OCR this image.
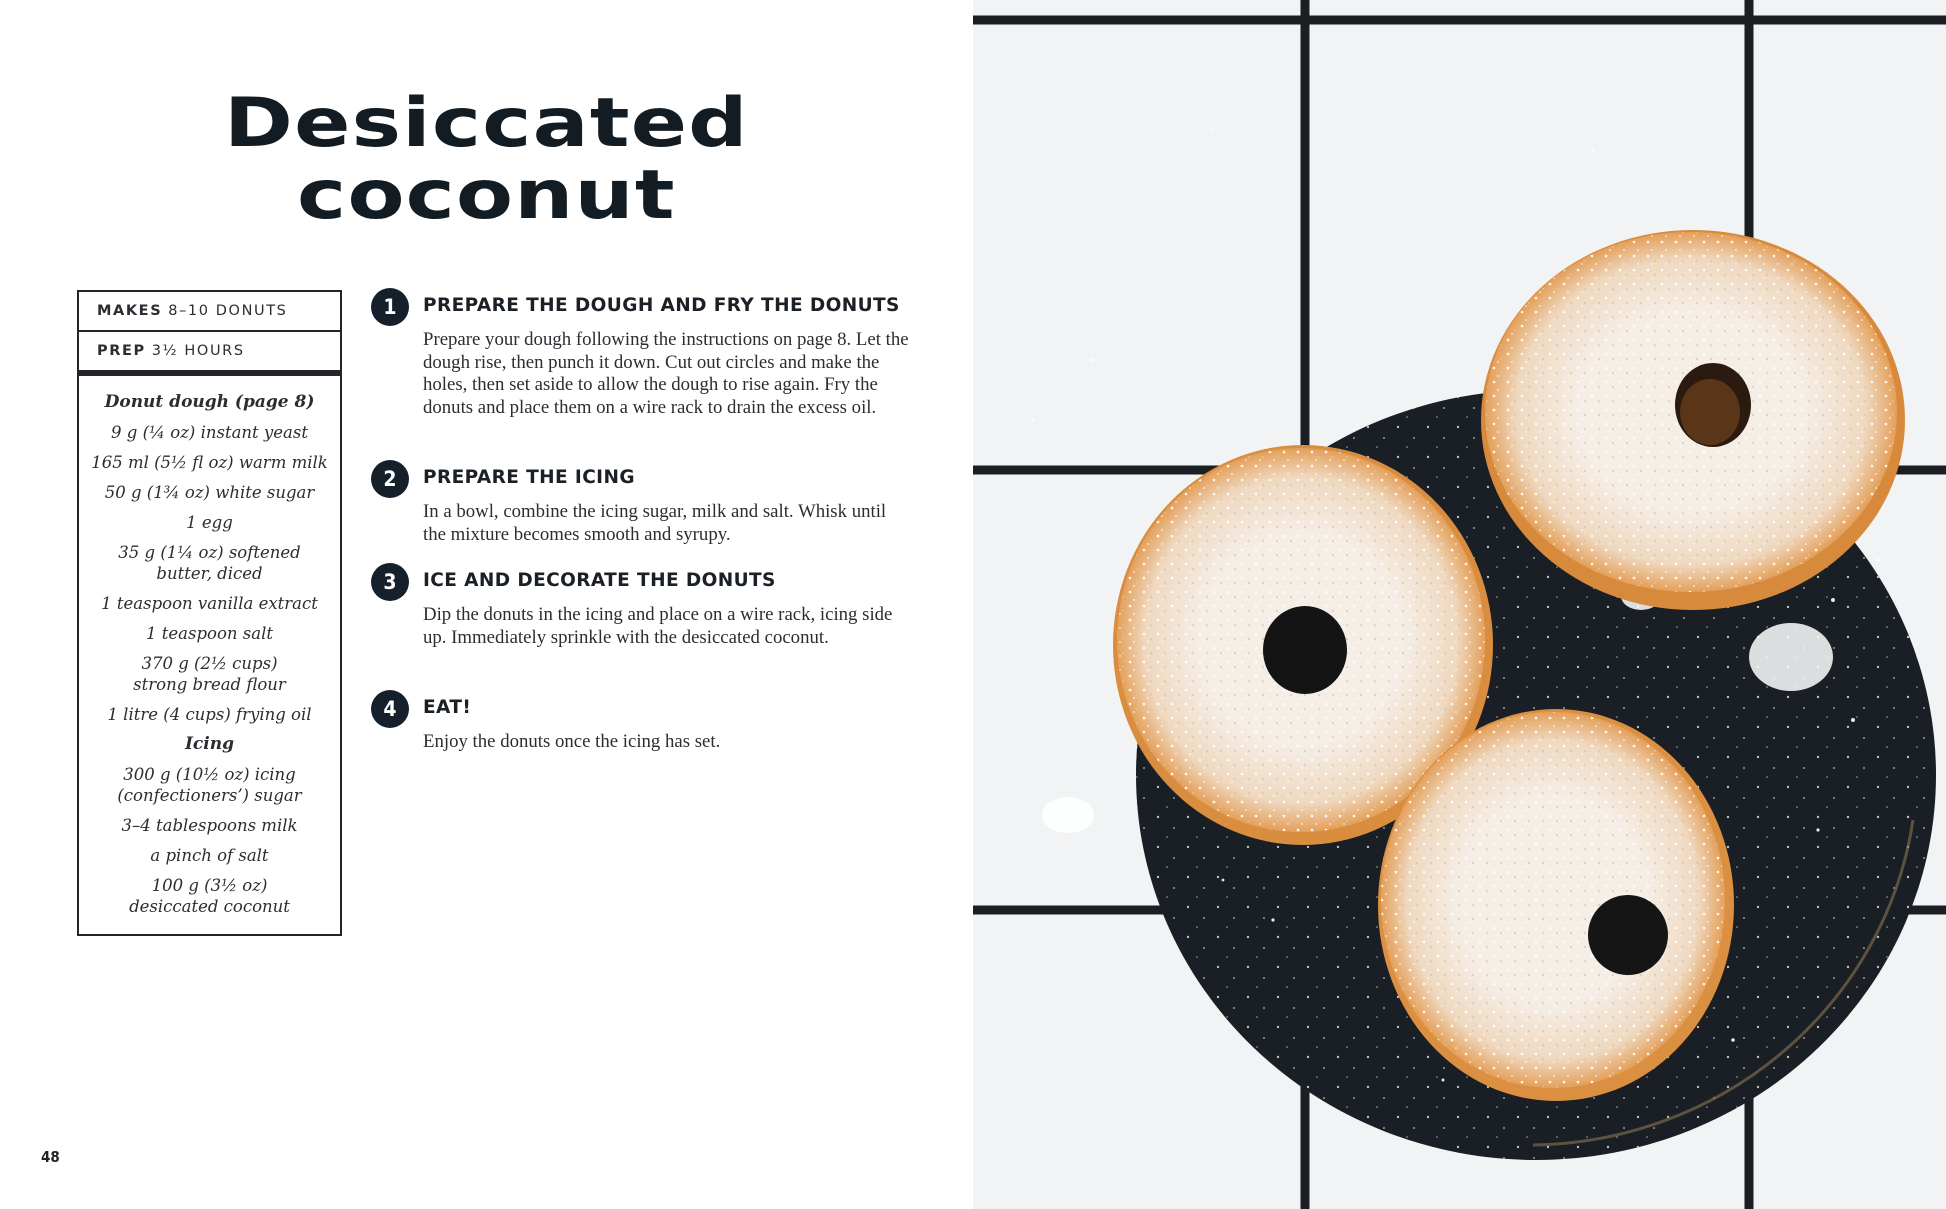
Desiccated
coconut
MAKES 8–10 DONUTS
PREP 3½ HOURS
Donut dough (page 8)
9 g (¼ oz) instant yeast
165 ml (5½ fl oz) warm milk
50 g (1¾ oz) white sugar
1 egg
35 g (1¼ oz) softened butter, diced
1 teaspoon vanilla extract
1 teaspoon salt
370 g (2½ cups) strong bread flour
1 litre (4 cups) frying oil
Icing
300 g (10½ oz) icing (confectioners’) sugar
3–4 tablespoons milk
a pinch of salt
100 g (3½ oz) desiccated coconut
1	PREPARE THE DOUGH AND FRY THE DONUTS
Prepare your dough following the instructions on page 8. Let the dough rise, then punch it down. Cut out circles and make the holes, then set aside to allow the dough to rise again. Fry the donuts and place them on a wire rack to drain the excess oil.
2	PREPARE THE ICING
In a bowl, combine the icing sugar, milk and salt. Whisk until the mixture becomes smooth and syrupy.
3	ICE AND DECORATE THE DONUTS
Dip the donuts in the icing and place on a wire rack, icing side up. Immediately sprinkle with the desiccated coconut.
4	EAT!
Enjoy the donuts once the icing has set.
48
